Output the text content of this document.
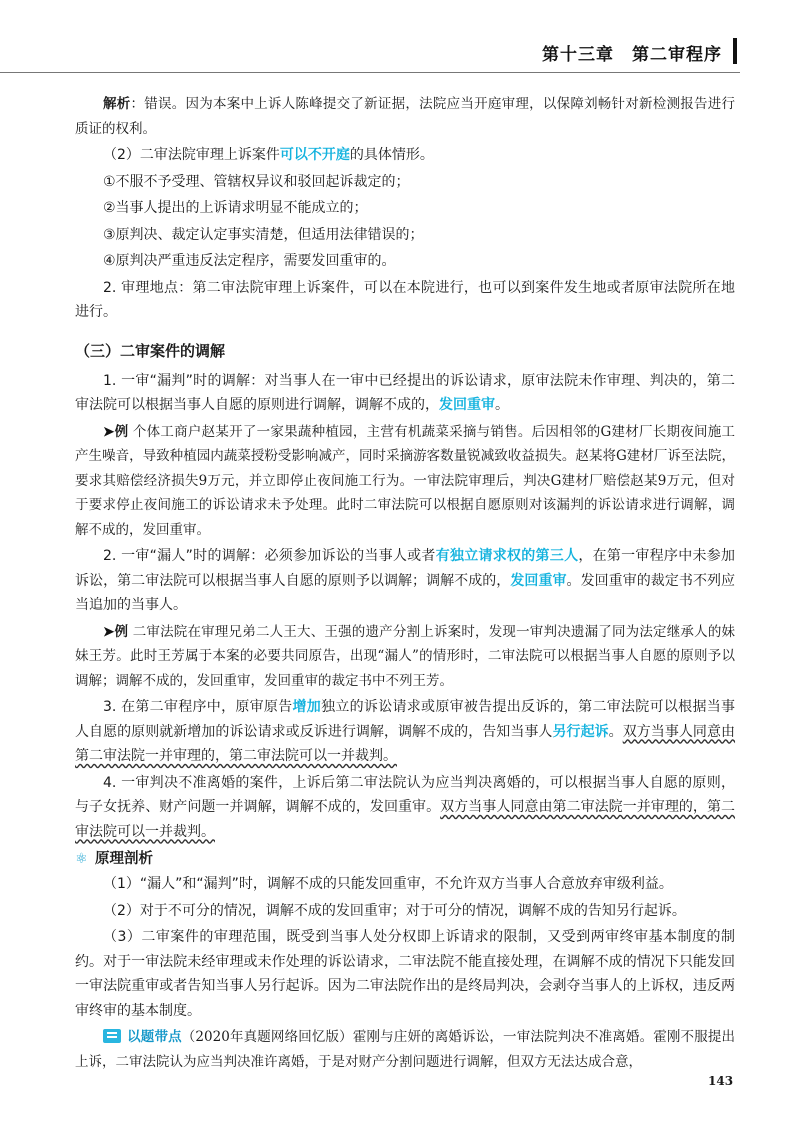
第十三章　第二审程序

解析：错误。因为本案中上诉人陈峰提交了新证据，法院应当开庭审理，以保障刘畅针对新检测报告进行质证的权利。

（2）二审法院审理上诉案件可以不开庭的具体情形。

①不服不予受理、管辖权异议和驳回起诉裁定的；

②当事人提出的上诉请求明显不能成立的；

③原判决、裁定认定事实清楚，但适用法律错误的；

④原判决严重违反法定程序，需要发回重审的。

2. 审理地点：第二审法院审理上诉案件，可以在本院进行，也可以到案件发生地或者原审法院所在地进行。

（三）二审案件的调解

1. 一审“漏判”时的调解：对当事人在一审中已经提出的诉讼请求，原审法院未作审理、判决的，第二审法院可以根据当事人自愿的原则进行调解，调解不成的，发回重审。

➤例 个体工商户赵某开了一家果蔬种植园，主营有机蔬菜采摘与销售。后因相邻的G建材厂长期夜间施工产生噪音，导致种植园内蔬菜授粉受影响减产，同时采摘游客数量锐减致收益损失。赵某将G建材厂诉至法院，要求其赔偿经济损失9万元，并立即停止夜间施工行为。一审法院审理后，判决G建材厂赔偿赵某9万元，但对于要求停止夜间施工的诉讼请求未予处理。此时二审法院可以根据自愿原则对该漏判的诉讼请求进行调解，调解不成的，发回重审。

2. 一审“漏人”时的调解：必须参加诉讼的当事人或者有独立请求权的第三人，在第一审程序中未参加诉讼，第二审法院可以根据当事人自愿的原则予以调解；调解不成的，发回重审。发回重审的裁定书不列应当追加的当事人。

➤例 二审法院在审理兄弟二人王大、王强的遗产分割上诉案时，发现一审判决遗漏了同为法定继承人的妹妹王芳。此时王芳属于本案的必要共同原告，出现“漏人”的情形时，二审法院可以根据当事人自愿的原则予以调解；调解不成的，发回重审，发回重审的裁定书中不列王芳。

3. 在第二审程序中，原审原告增加独立的诉讼请求或原审被告提出反诉的，第二审法院可以根据当事人自愿的原则就新增加的诉讼请求或反诉进行调解，调解不成的，告知当事人另行起诉。双方当事人同意由第二审法院一并审理的，第二审法院可以一并裁判。

4. 一审判决不准离婚的案件，上诉后第二审法院认为应当判决离婚的，可以根据当事人自愿的原则，与子女抚养、财产问题一并调解，调解不成的，发回重审。双方当事人同意由第二审法院一并审理的，第二审法院可以一并裁判。

⚛ 原理剖析

（1）“漏人”和“漏判”时，调解不成的只能发回重审，不允许双方当事人合意放弃审级利益。

（2）对于不可分的情况，调解不成的发回重审；对于可分的情况，调解不成的告知另行起诉。

（3）二审案件的审理范围，既受到当事人处分权即上诉请求的限制，又受到两审终审基本制度的制约。对于一审法院未经审理或未作处理的诉讼请求，二审法院不能直接处理，在调解不成的情况下只能发回一审法院重审或者告知当事人另行起诉。因为二审法院作出的是终局判决，会剥夺当事人的上诉权，违反两审终审的基本制度。

以题带点（2020年真题网络回忆版）霍刚与庄妍的离婚诉讼，一审法院判决不准离婚。霍刚不服提出上诉，二审法院认为应当判决准许离婚，于是对财产分割问题进行调解，但双方无法达成合意，

143
